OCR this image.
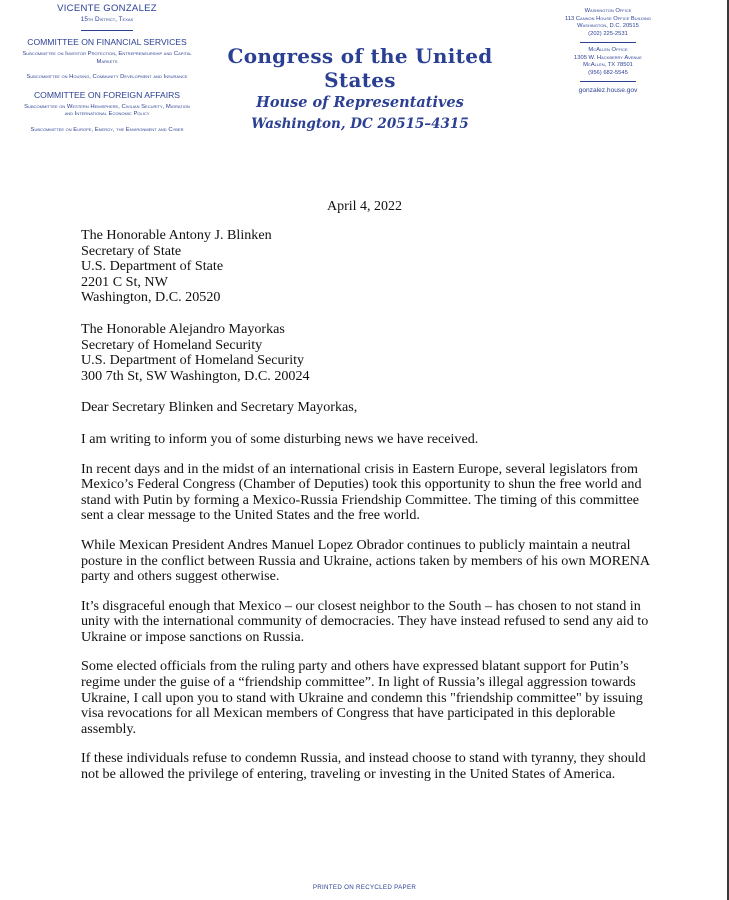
VICENTE GONZALEZ
15th District, Texas
COMMITTEE ON FINANCIAL SERVICES
Subcommittee on Investor Protection, Entrepreneurship and Capital Markets
Subcommittee on Housing, Community Development and Insurance
COMMITTEE ON FOREIGN AFFAIRS
Subcommittee on Western Hemisphere, Civilian Security, Migration and International Economic Policy
Subcommittee on Europe, Energy, the Environment and Cyber
Congress of the United States
House of Representatives
Washington, DC 20515–4315
Washington Office
113 Cannon House Office Building
Washington, D.C. 20515
(202) 225-2531
McAllen Office
1305 W. Hackberry Avenue
McAllen, TX 78501
(956) 682-5545
gonzalez.house.gov
April 4, 2022
The Honorable Antony J. Blinken
Secretary of State
U.S. Department of State
2201 C St, NW
Washington, D.C. 20520
The Honorable Alejandro Mayorkas
Secretary of Homeland Security
U.S. Department of Homeland Security
300 7th St, SW Washington, D.C. 20024
Dear Secretary Blinken and Secretary Mayorkas,

I am writing to inform you of some disturbing news we have received.

In recent days and in the midst of an international crisis in Eastern Europe, several legislators from Mexico’s Federal Congress (Chamber of Deputies) took this opportunity to shun the free world and stand with Putin by forming a Mexico-Russia Friendship Committee. The timing of this committee sent a clear message to the United States and the free world.

While Mexican President Andres Manuel Lopez Obrador continues to publicly maintain a neutral posture in the conflict between Russia and Ukraine, actions taken by members of his own MORENA party and others suggest otherwise.

It’s disgraceful enough that Mexico – our closest neighbor to the South – has chosen to not stand in unity with the international community of democracies. They have instead refused to send any aid to Ukraine or impose sanctions on Russia.

Some elected officials from the ruling party and others have expressed blatant support for Putin’s regime under the guise of a “friendship committee”. In light of Russia’s illegal aggression towards Ukraine, I call upon you to stand with Ukraine and condemn this "friendship committee" by issuing visa revocations for all Mexican members of Congress that have participated in this deplorable assembly.

If these individuals refuse to condemn Russia, and instead choose to stand with tyranny, they should not be allowed the privilege of entering, traveling or investing in the United States of America.

PRINTED ON RECYCLED PAPER
